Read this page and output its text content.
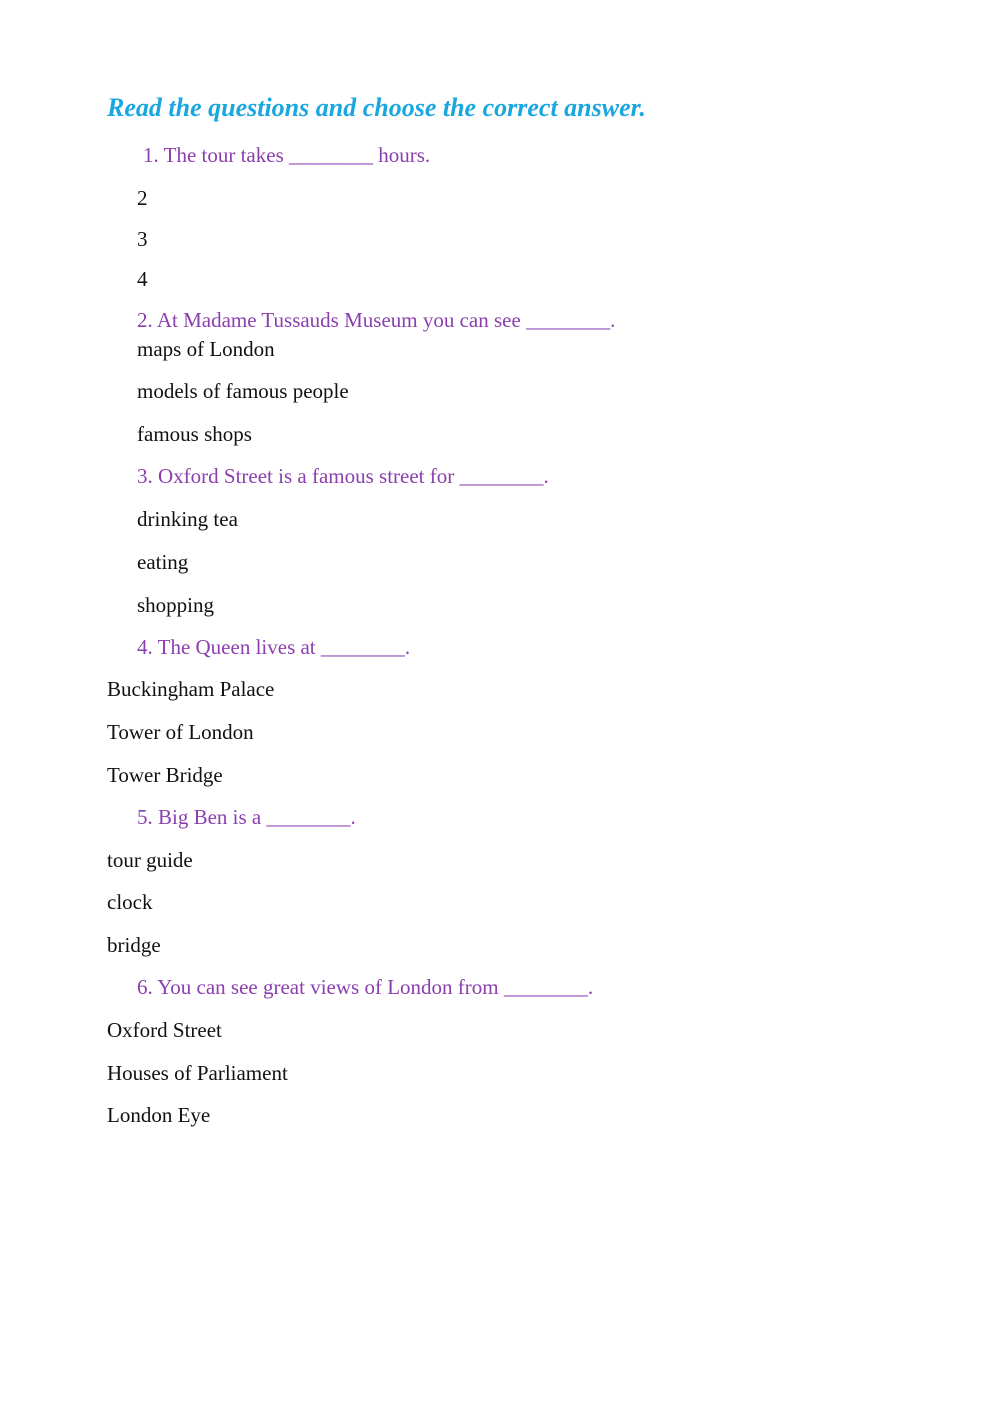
Read the questions and choose the correct answer.
1. The tour takes ________ hours.
2
3
4
2. At Madame Tussauds Museum you can see ________.
maps of London
models of famous people
famous shops
3. Oxford Street is a famous street for ________.
drinking tea
eating
shopping
4. The Queen lives at ________.
Buckingham Palace
Tower of London
Tower Bridge
5. Big Ben is a ________.
tour guide
clock
bridge
6. You can see great views of London from ________.
Oxford Street
Houses of Parliament
London Eye
